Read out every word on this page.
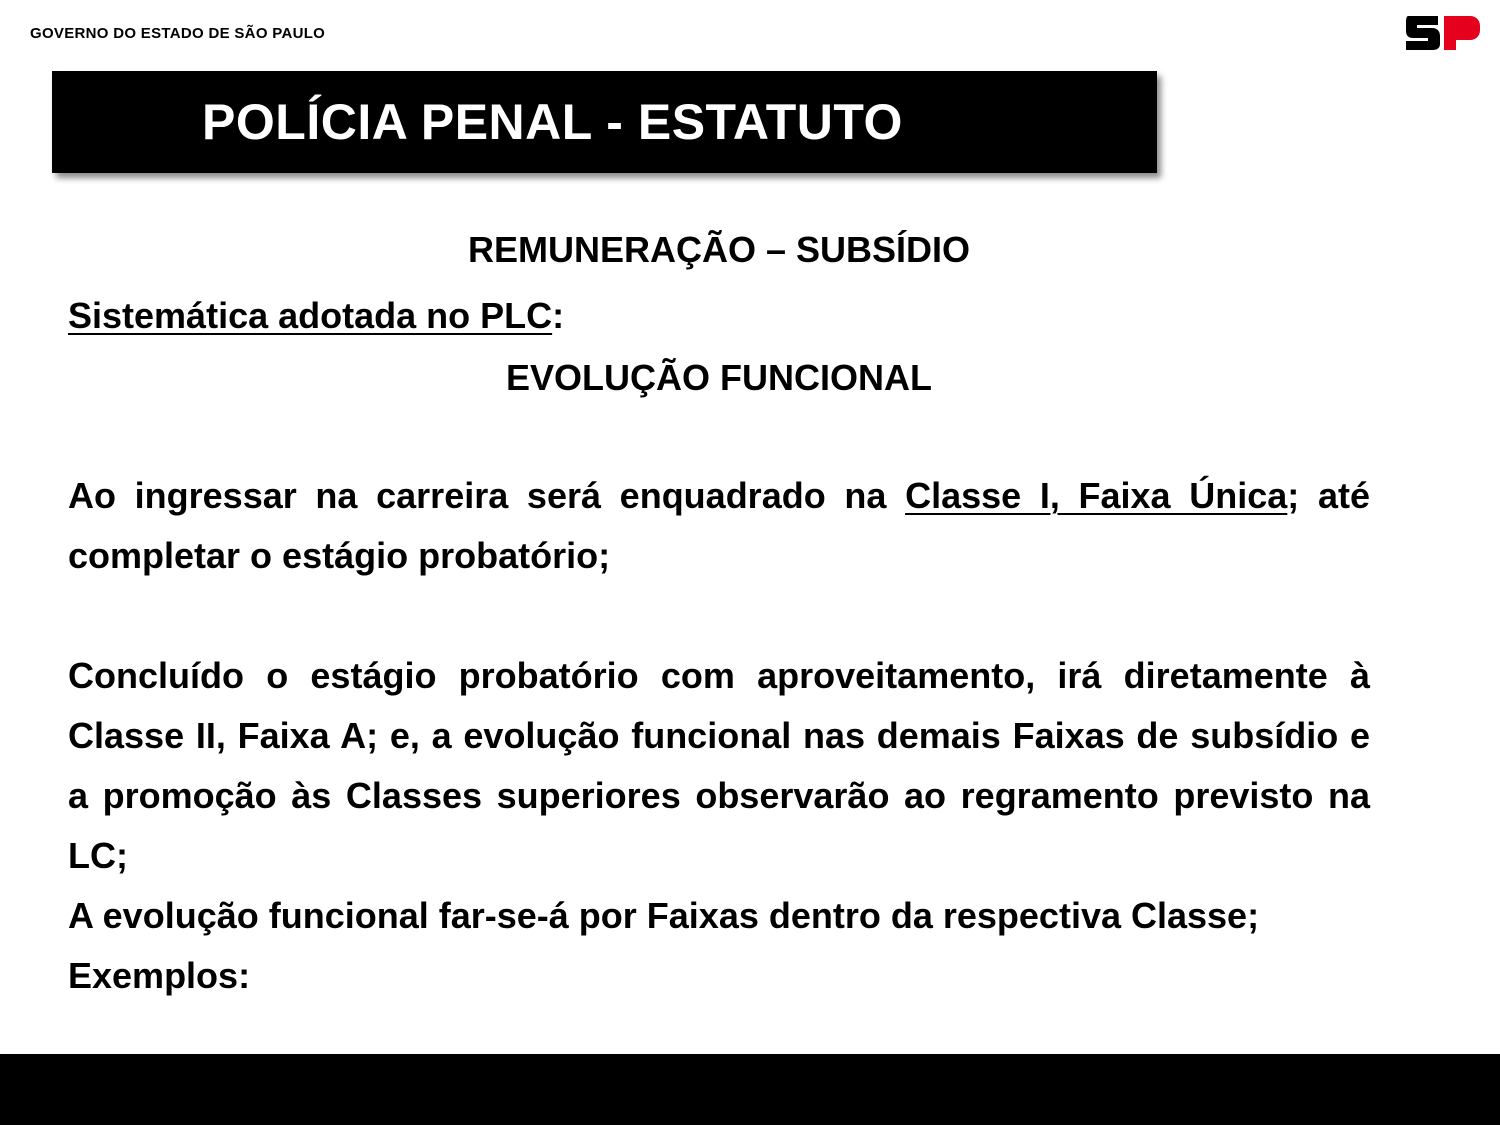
GOVERNO DO ESTADO DE SÃO PAULO
POLÍCIA PENAL - ESTATUTO
REMUNERAÇÃO – SUBSÍDIO
Sistemática adotada no PLC:
EVOLUÇÃO FUNCIONAL
Ao ingressar na carreira será enquadrado na Classe I, Faixa Única; até completar o estágio probatório;
Concluído o estágio probatório com aproveitamento, irá diretamente à Classe II, Faixa A; e, a evolução funcional nas demais Faixas de subsídio e a promoção às Classes superiores observarão ao regramento previsto na LC;
A evolução funcional far-se-á por Faixas dentro da respectiva Classe;
Exemplos:
